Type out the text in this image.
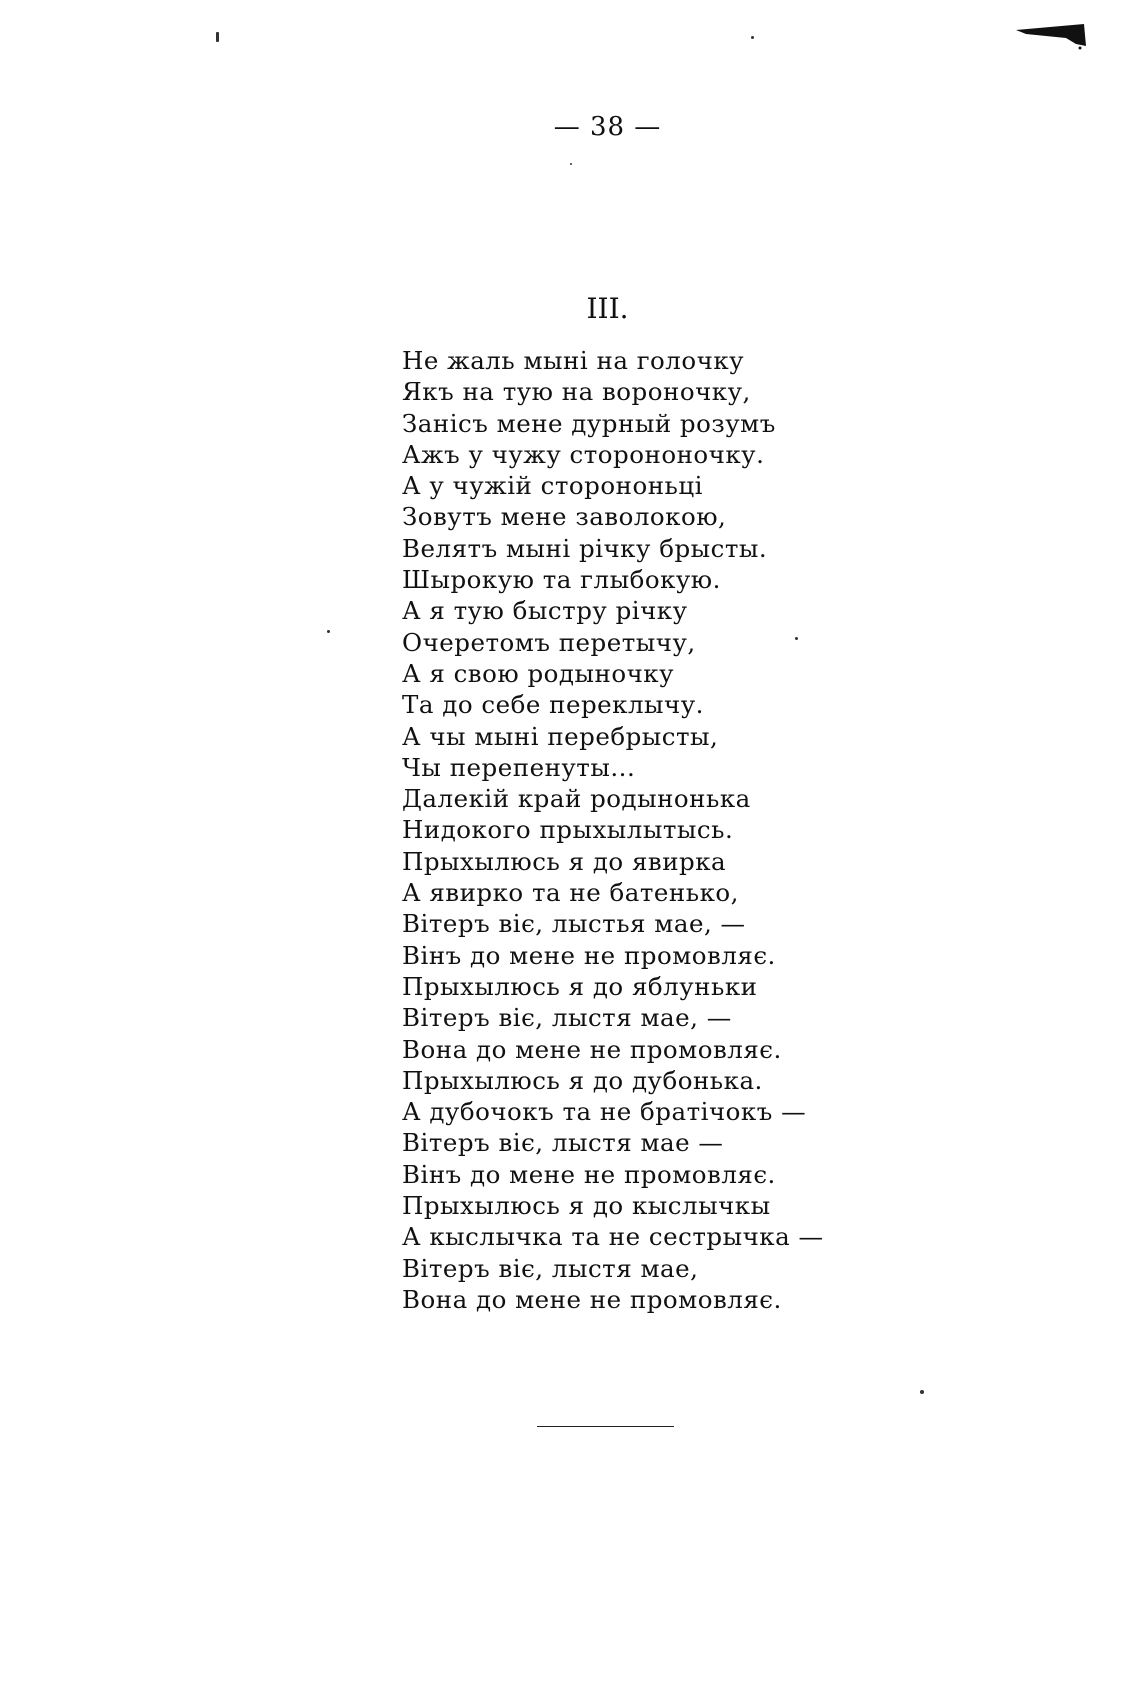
— 38 —
III.
Не жаль мыні на голочку
Якъ на тую на вороночку,
Занісъ мене дурный розумъ
Ажъ у чужу сторононочку.
А у чужій сторононьці
Зовутъ мене заволокою,
Велятъ мыні річку брысты.
Шырокую та глыбокую.
А я тую быстру річку
Очеретомъ перетычу,
А я свою родыночку
Та до себе переклычу.
А чы мыні перебрысты,
Чы перепенуты...
Далекій край родынонька
Нидокого прыхылытысь.
Прыхылюсь я до явирка
А явирко та не батенько,
Вітеръ віє, лыстья мае, —
Вінъ до мене не промовляє.
Прыхылюсь я до яблуньки
Вітеръ віє, лыстя мае, —
Вона до мене не промовляє.
Прыхылюсь я до дубонька.
А дубочокъ та не братічокъ —
Вітеръ віє, лыстя мае —
Вінъ до мене не промовляє.
Прыхылюсь я до кыслычкы
А кыслычка та не сестрычка —
Вітеръ віє, лыстя мае,
Вона до мене не промовляє.
